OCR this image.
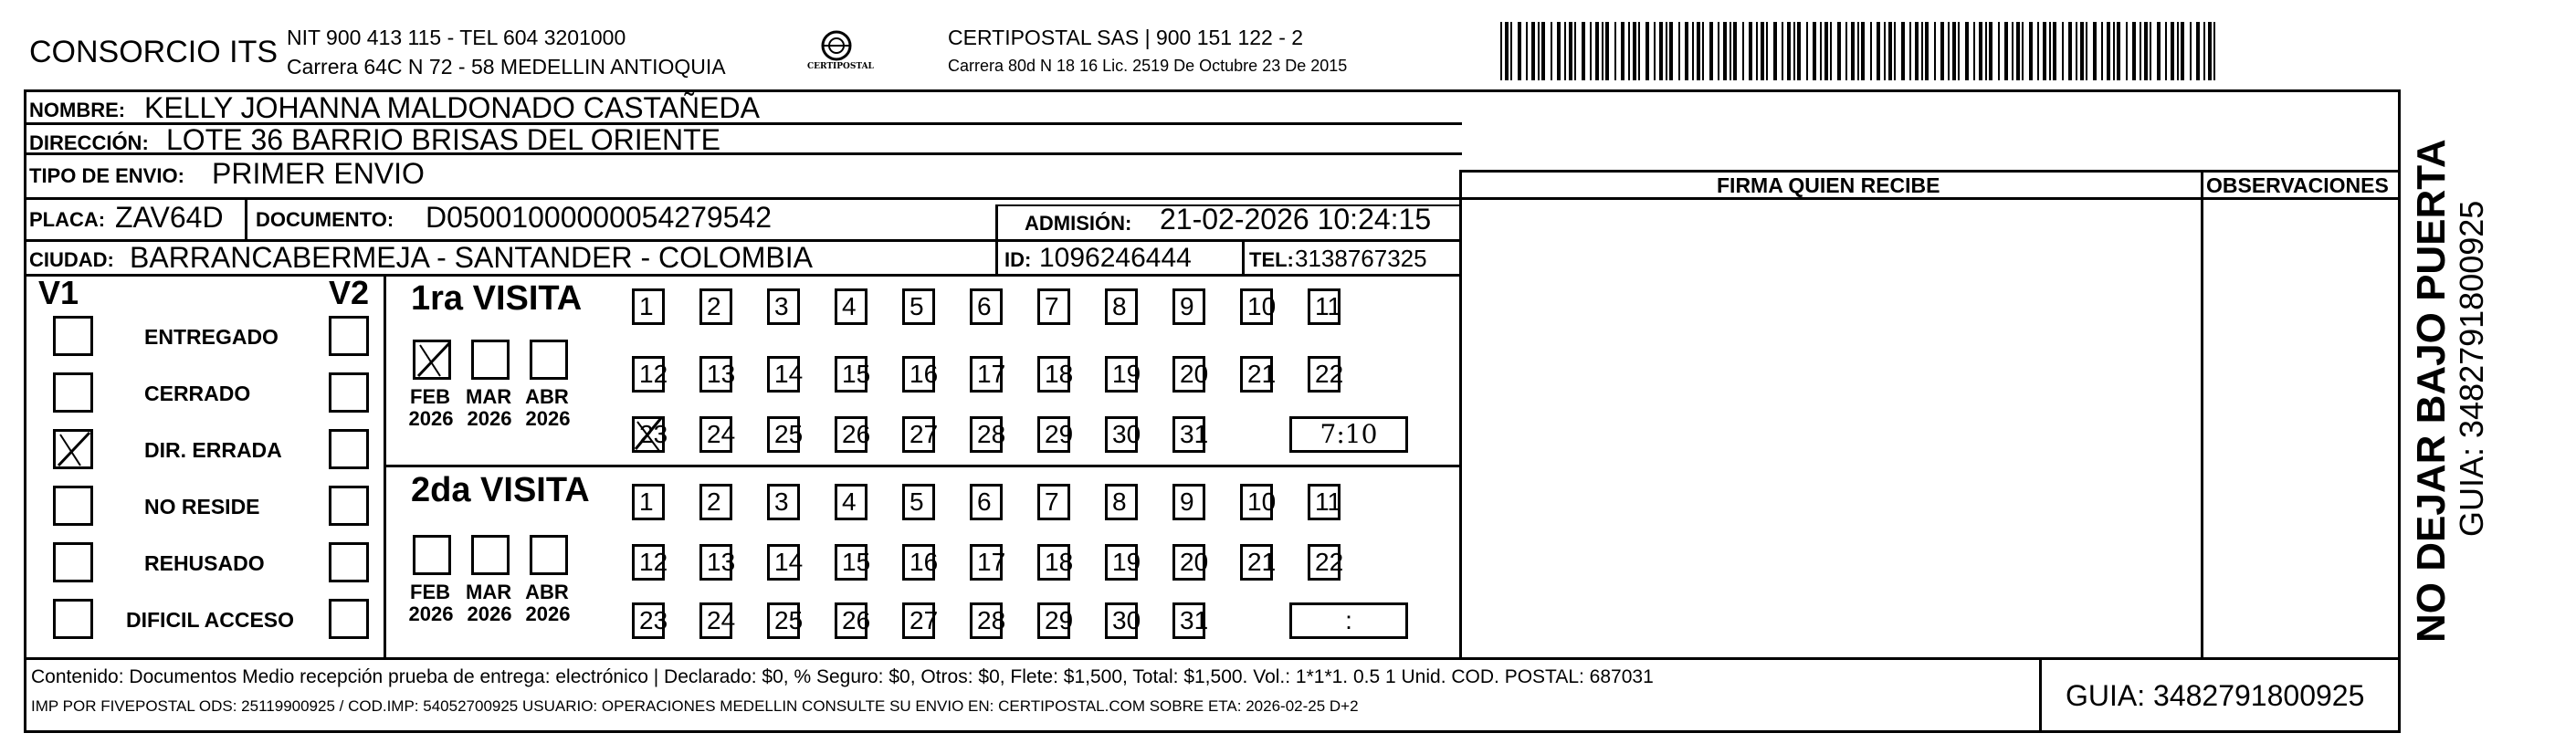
CONSORCIO ITS NIT 900 413 115 - TEL 604 3201000
Carrera 64C N 72 - 58 MEDELLIN ANTIOQUIA	CERTIPOSTAL
CERTIPOSTAL SAS | 900 151 122 - 2
Carrera 80d N 18 16 Lic. 2519 De Octubre 23 De 2015
NOMBRE: KELLY JOHANNA MALDONADO CASTAÑEDA
DIRECCIÓN: LOTE 36 BARRIO BRISAS DEL ORIENTE
TIPO DE ENVIO: PRIMER ENVIO
PLACA: ZAV64D DOCUMENTO: D05001000000054279542	ADMISIÓN: 21-02-2026 10:24:15
CIUDAD: BARRANCABERMEJA - SANTANDER - COLOMBIA	ID: 1096246444	TEL: 3138767325
FIRMA QUIEN RECIBE	OBSERVACIONES
V1	V2
ENTREGADO
CERRADO
DIR. ERRADA
NO RESIDE
REHUSADO
DIFICIL ACCESO
1ra VISITA
2da VISITA
FEB
2026
MAR
2026
ABR
2026
FEB
2026
MAR
2026
ABR
2026
1	2	3	4	5	6	7	8	9	10 11
12 13 14 15 16 17 18 19 20 21 22
23 24 25 26 27 28 29 30 31	7:10
1	2	3	4	5	6	7	8	9	10 11
12 13 14 15 16 17 18 19 20 21 22
23 24 25 26 27 28 29 30 31	:
Contenido: Documentos Medio recepción prueba de entrega: electrónico | Declarado: $0, % Seguro: $0, Otros: $0, Flete: $1,500, Total: $1,500. Vol.: 1*1*1. 0.5 1 Unid. COD. POSTAL: 687031
IMP POR FIVEPOSTAL ODS: 25119900925 / COD.IMP: 54052700925 USUARIO: OPERACIONES MEDELLIN CONSULTE SU ENVIO EN: CERTIPOSTAL.COM SOBRE ETA: 2026-02-25 D+2	GUIA: 3482791800925
NO DEJAR BAJO PUERTA GUIA: 3482791800925
